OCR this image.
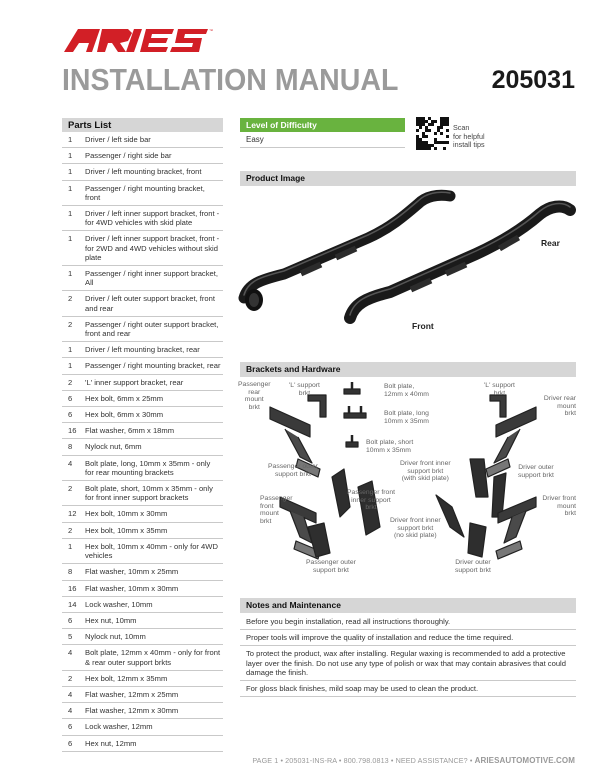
™
INSTALLATION MANUAL	205031
Parts List
1	Driver / left side bar
1	Passenger / right side bar
1	Driver / left mounting bracket, front
1	Passenger / right mounting bracket, front
1	Driver / left inner support bracket, front - for 4WD vehicles with skid plate
1	Driver / left inner support bracket, front - for 2WD and 4WD vehicles without skid plate
1	Passenger / right inner support bracket, All
2	Driver / left outer support bracket, front and rear
2	Passenger / right outer support bracket, front and rear
1	Driver / left mounting bracket, rear
1	Passenger / right mounting bracket, rear
2	'L' inner support bracket, rear
6	Hex bolt, 6mm x 25mm
6	Hex bolt, 6mm x 30mm
16	Flat washer, 6mm x 18mm
8	Nylock nut, 6mm
4	Bolt plate, long, 10mm x 35mm - only for rear mounting brackets
2	Bolt plate, short, 10mm x 35mm - only for front inner support brackets
12	Hex bolt, 10mm x 30mm
2	Hex bolt, 10mm x 35mm
1	Hex bolt, 10mm x 40mm - only for 4WD vehicles
8	Flat washer, 10mm x 25mm
16	Flat washer, 10mm x 30mm
14	Lock washer, 10mm
6	Hex nut, 10mm
5	Nylock nut, 10mm
4	Bolt plate, 12mm x 40mm - only for front & rear outer support brkts
2	Hex bolt, 12mm x 35mm
4	Flat washer, 12mm x 25mm
4	Flat washer, 12mm x 30mm
6	Lock washer, 12mm
6	Hex nut, 12mm
Level of Difficulty
Easy
Scan
for helpful
install tips
Product Image
Rear
Front
Brackets and Hardware
Passenger
rear
mount
brkt
'L' support
brkt
Bolt plate,
12mm x 40mm
Bolt plate, long
10mm x 35mm
Bolt plate, short
10mm x 35mm
'L' support
brkt
Driver rear
mount
brkt
Passenger outer
support brkt
Driver front inner
support brkt
(with skid plate)
Driver outer
support brkt
Passenger
front
mount
brkt
Passenger front
inner support
brkt
Driver front
mount
brkt
Driver front inner
support brkt
(no skid plate)
Passenger outer
support brkt
Driver outer
support brkt
Notes and Maintenance
Before you begin installation, read all instructions thoroughly.
Proper tools will improve the quality of installation and reduce the time required.
To protect the product, wax after installing. Regular waxing is recommended to add a protective layer over the finish. Do not use any type of polish or wax that may contain abrasives that could damage the finish.
For gloss black finishes, mild soap may be used to clean the product.
PAGE 1 • 205031-INS-RA • 800.798.0813 • NEED ASSISTANCE? • ARIESAUTOMOTIVE.COM
